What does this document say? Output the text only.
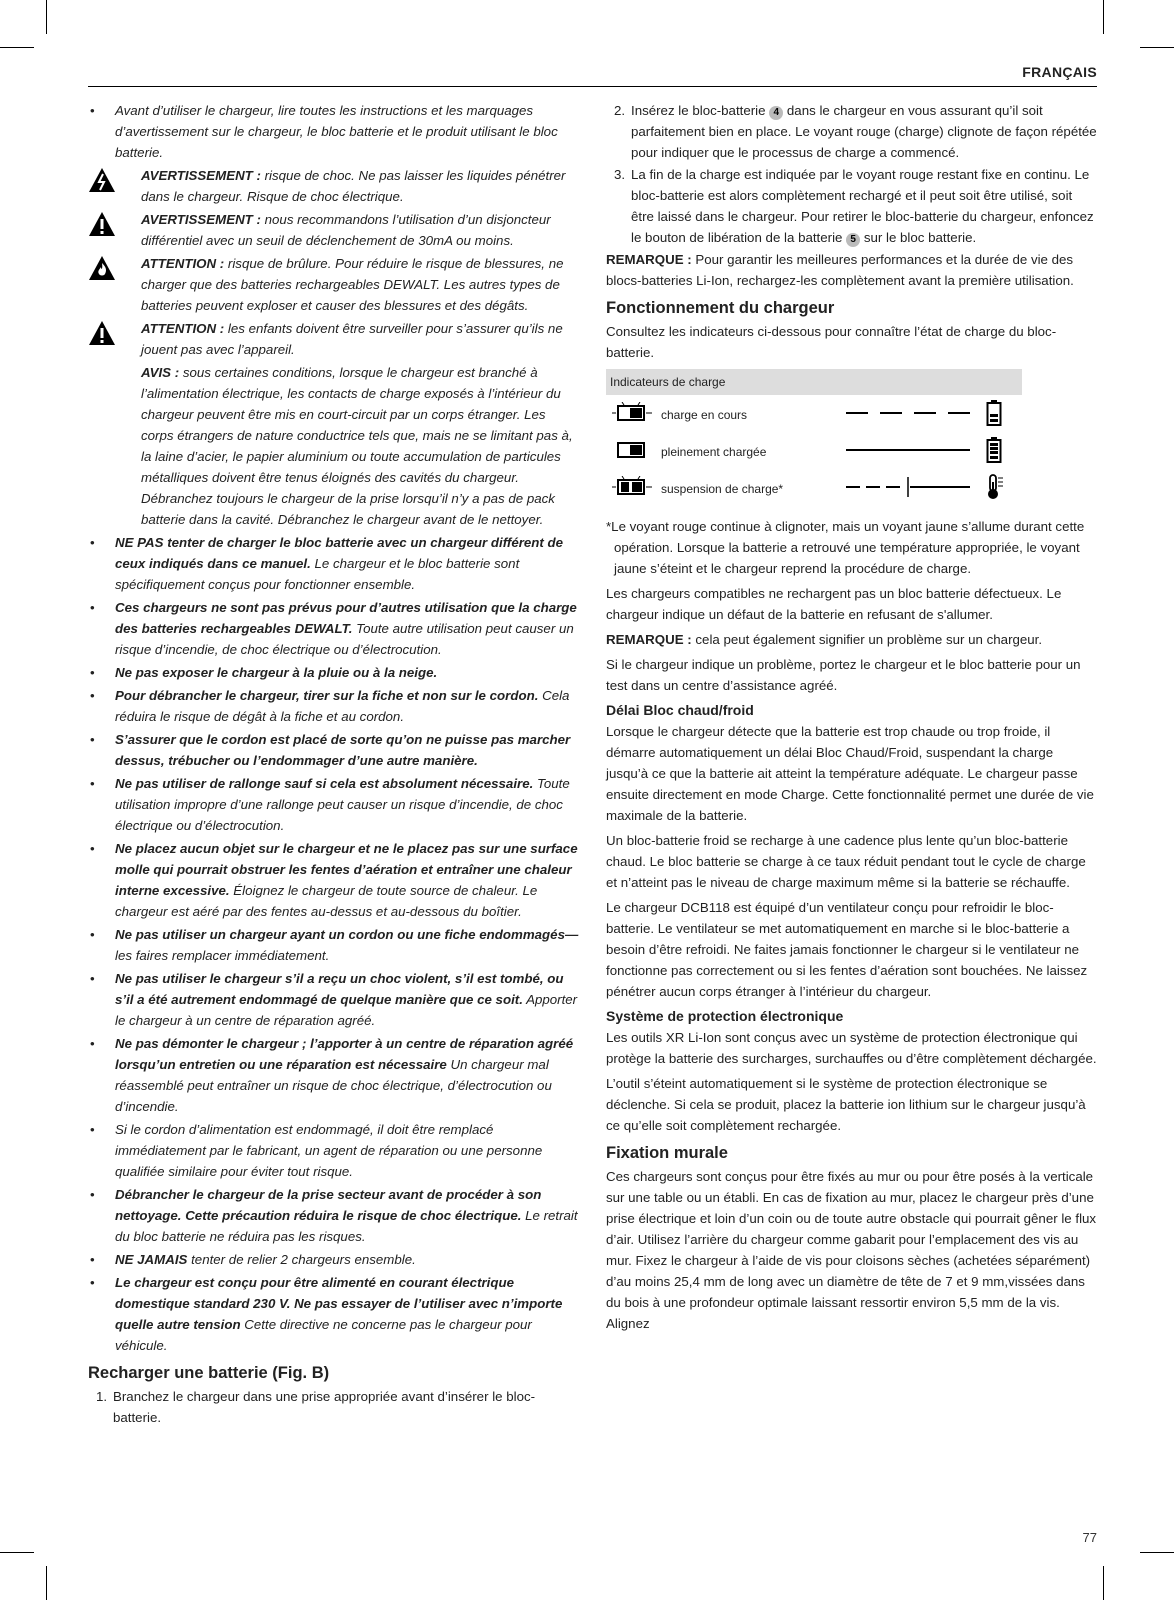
FRANÇAIS
• Avant d’utiliser le chargeur, lire toutes les instructions et les marquages d’avertissement sur le chargeur, le bloc batterie et le produit utilisant le bloc batterie.
AVERTISSEMENT : risque de choc. Ne pas laisser les liquides pénétrer dans le chargeur. Risque de choc électrique.
AVERTISSEMENT : nous recommandons l’utilisation d’un disjoncteur différentiel avec un seuil de déclenchement de 30mA ou moins.
ATTENTION : risque de brûlure. Pour réduire le risque de blessures, ne charger que des batteries rechargeables DEWALT. Les autres types de batteries peuvent exploser et causer des blessures et des dégâts.
ATTENTION : les enfants doivent être surveiller pour s’assurer qu’ils ne jouent pas avec l’appareil.
AVIS : sous certaines conditions, lorsque le chargeur est branché à l’alimentation électrique, les contacts de charge exposés à l’intérieur du chargeur peuvent être mis en court-circuit par un corps étranger. Les corps étrangers de nature conductrice tels que, mais ne se limitant pas à, la laine d’acier, le papier aluminium ou toute accumulation de particules métalliques doivent être tenus éloignés des cavités du chargeur. Débranchez toujours le chargeur de la prise lorsqu’il n’y a pas de pack batterie dans la cavité. Débranchez le chargeur avant de le nettoyer.
• NE PAS tenter de charger le bloc batterie avec un chargeur différent de ceux indiqués dans ce manuel. Le chargeur et le bloc batterie sont spécifiquement conçus pour fonctionner ensemble.
• Ces chargeurs ne sont pas prévus pour d’autres utilisation que la charge des batteries rechargeables DEWALT. Toute autre utilisation peut causer un risque d’incendie, de choc électrique ou d’électrocution.
• Ne pas exposer le chargeur à la pluie ou à la neige.
• Pour débrancher le chargeur, tirer sur la fiche et non sur le cordon. Cela réduira le risque de dégât à la fiche et au cordon.
• S’assurer que le cordon est placé de sorte qu’on ne puisse pas marcher dessus, trébucher ou l’endommager d’une autre manière.
• Ne pas utiliser de rallonge sauf si cela est absolument nécessaire. Toute utilisation impropre d’une rallonge peut causer un risque d’incendie, de choc électrique ou d’électrocution.
• Ne placez aucun objet sur le chargeur et ne le placez pas sur une surface molle qui pourrait obstruer les fentes d’aération et entraîner une chaleur interne excessive. Éloignez le chargeur de toute source de chaleur. Le chargeur est aéré par des fentes au-dessus et au-dessous du boîtier.
• Ne pas utiliser un chargeur ayant un cordon ou une fiche endommagés—les faires remplacer immédiatement.
• Ne pas utiliser le chargeur s’il a reçu un choc violent, s’il est tombé, ou s’il a été autrement endommagé de quelque manière que ce soit. Apporter le chargeur à un centre de réparation agréé.
• Ne pas démonter le chargeur ; l’apporter à un centre de réparation agréé lorsqu’un entretien ou une réparation est nécessaire Un chargeur mal réassemblé peut entraîner un risque de choc électrique, d’électrocution ou d’incendie.
• Si le cordon d’alimentation est endommagé, il doit être remplacé immédiatement par le fabricant, un agent de réparation ou une personne qualifiée similaire pour éviter tout risque.
• Débrancher le chargeur de la prise secteur avant de procéder à son nettoyage. Cette précaution réduira le risque de choc électrique. Le retrait du bloc batterie ne réduira pas les risques.
• NE JAMAIS tenter de relier 2 chargeurs ensemble.
• Le chargeur est conçu pour être alimenté en courant électrique domestique standard 230 V. Ne pas essayer de l’utiliser avec n’importe quelle autre tension Cette directive ne concerne pas le chargeur pour véhicule.
Recharger une batterie (Fig. B)
1. Branchez le chargeur dans une prise appropriée avant d’insérer le bloc-batterie.
2. Insérez le bloc-batterie 4 dans le chargeur en vous assurant qu’il soit parfaitement bien en place. Le voyant rouge (charge) clignote de façon répétée pour indiquer que le processus de charge a commencé.
3. La fin de la charge est indiquée par le voyant rouge restant fixe en continu. Le bloc-batterie est alors complètement rechargé et il peut soit être utilisé, soit être laissé dans le chargeur. Pour retirer le bloc-batterie du chargeur, enfoncez le bouton de libération de la batterie 5 sur le bloc batterie.

REMARQUE : Pour garantir les meilleures performances et la durée de vie des blocs-batteries Li-Ion, rechargez-les complètement avant la première utilisation.

Fonctionnement du chargeur

Consultez les indicateurs ci-dessous pour connaître l’état de charge du bloc-batterie.

Indicateurs de charge
charge en cours
pleinement chargée
suspension de charge*

*Le voyant rouge continue à clignoter, mais un voyant jaune s’allume durant cette opération. Lorsque la batterie a retrouvé une température appropriée, le voyant jaune s’éteint et le chargeur reprend la procédure de charge.

Les chargeurs compatibles ne rechargent pas un bloc batterie défectueux. Le chargeur indique un défaut de la batterie en refusant de s'allumer.

REMARQUE : cela peut également signifier un problème sur un chargeur.

Si le chargeur indique un problème, portez le chargeur et le bloc batterie pour un test dans un centre d’assistance agréé.

Délai Bloc chaud/froid

Lorsque le chargeur détecte que la batterie est trop chaude ou trop froide, il démarre automatiquement un délai Bloc Chaud/Froid, suspendant la charge jusqu’à ce que la batterie ait atteint la température adéquate. Le chargeur passe ensuite directement en mode Charge. Cette fonctionnalité permet une durée de vie maximale de la batterie.

Un bloc-batterie froid se recharge à une cadence plus lente qu’un bloc-batterie chaud. Le bloc batterie se charge à ce taux réduit pendant tout le cycle de charge et n’atteint pas le niveau de charge maximum même si la batterie se réchauffe.

Le chargeur DCB118 est équipé d’un ventilateur conçu pour refroidir le bloc-batterie. Le ventilateur se met automatiquement en marche si le bloc-batterie a besoin d’être refroidi. Ne faites jamais fonctionner le chargeur si le ventilateur ne fonctionne pas correctement ou si les fentes d’aération sont bouchées. Ne laissez pénétrer aucun corps étranger à l’intérieur du chargeur.

Système de protection électronique

Les outils XR Li-Ion sont conçus avec un système de protection électronique qui protège la batterie des surcharges, surchauffes ou d’être complètement déchargée.

L’outil s’éteint automatiquement si le système de protection électronique se déclenche. Si cela se produit, placez la batterie ion lithium sur le chargeur jusqu’à ce qu’elle soit complètement rechargée.

Fixation murale

Ces chargeurs sont conçus pour être fixés au mur ou pour être posés à la verticale sur une table ou un établi. En cas de fixation au mur, placez le chargeur près d’une prise électrique et loin d’un coin ou de toute autre obstacle qui pourrait gêner le flux d’air. Utilisez l’arrière du chargeur comme gabarit pour l’emplacement des vis au mur. Fixez le chargeur à l’aide de vis pour cloisons sèches (achetées séparément) d’au moins 25,4 mm de long avec un diamètre de tête de 7 et 9 mm,vissées dans du bois à une profondeur optimale laissant ressortir environ 5,5 mm de la vis. Alignez

77
